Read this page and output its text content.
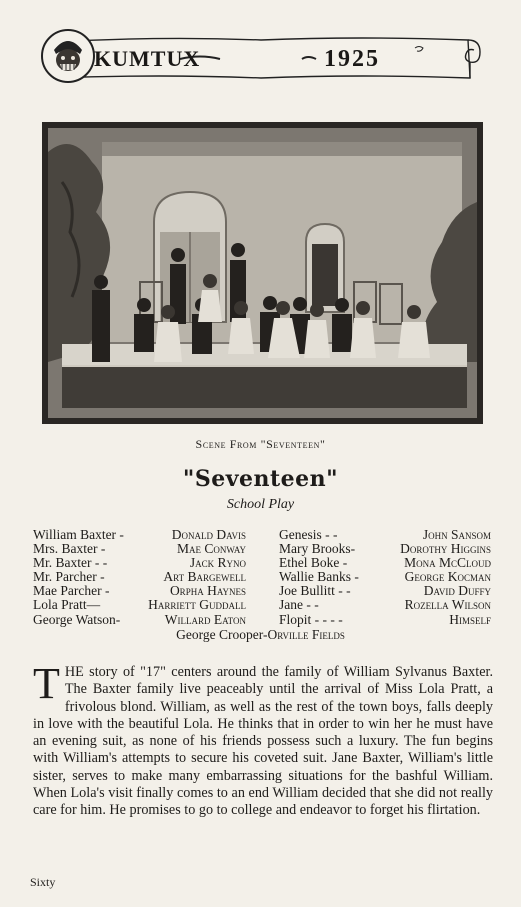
KUMTUX	1925
Scene From "Seventeen"
"Seventeen"
School Play
William Baxter -	Donald Davis
Mrs. Baxter -	Mae Conway
Mr. Baxter - -	Jack Ryno
Mr. Parcher -	Art Bargewell
Mae Parcher -	Orpha Haynes
Lola Pratt—	Harriett Guddall
George Watson-	Willard Eaton
Genesis - -	John Sansom
Mary Brooks-	Dorothy Higgins
Ethel Boke -	Mona McCloud
Wallie Banks -	George Kocman
Joe Bullitt - -	David Duffy
Jane - -	Rozella Wilson
Flopit - - - -	Himself
George Crooper-Orville Fields
THE story of "17" centers around the family of William Sylvanus Baxter. The Baxter family live peaceably until the arrival of Miss Lola Pratt, a frivolous blond. William, as well as the rest of the town boys, falls deeply in love with the beautiful Lola. He thinks that in order to win her he must have an evening suit, as none of his friends possess such a luxury. The fun begins with William's attempts to secure his coveted suit. Jane Baxter, William's little sister, serves to make many embarrassing situations for the bashful William. When Lola's visit finally comes to an end William decided that she did not really care for him. He promises to go to college and endeavor to forget his flirtation.
Sixty
